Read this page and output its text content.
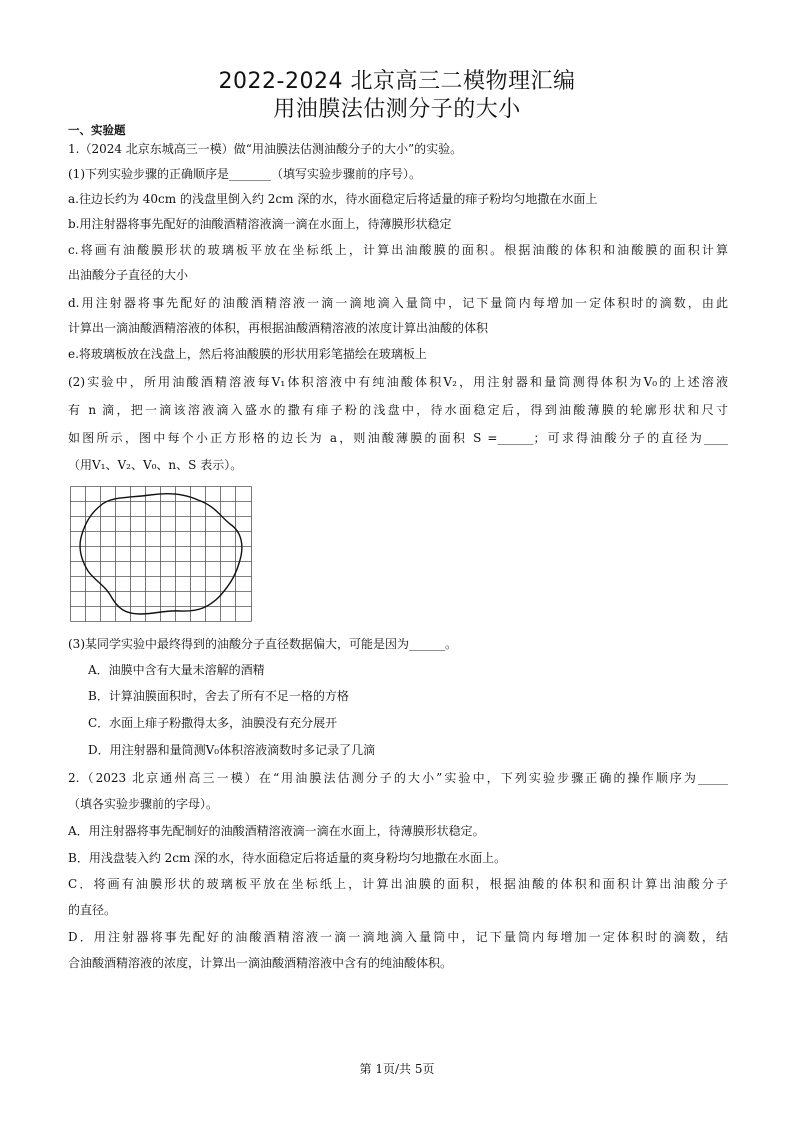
2022-2024 北京高三二模物理汇编
用油膜法估测分子的大小
一、实验题
1.（2024 北京东城高三一模）做“用油膜法估测油酸分子的大小”的实验。
(1)下列实验步骤的正确顺序是_______（填写实验步骤前的序号）。
a.往边长约为 40cm 的浅盘里倒入约 2cm 深的水，待水面稳定后将适量的痱子粉均匀地撒在水面上
b.用注射器将事先配好的油酸酒精溶液滴一滴在水面上，待薄膜形状稳定
c.将画有油酸膜形状的玻璃板平放在坐标纸上，计算出油酸膜的面积。根据油酸的体积和油酸膜的面积计算
出油酸分子直径的大小
d.用注射器将事先配好的油酸酒精溶液一滴一滴地滴入量筒中，记下量筒内每增加一定体积时的滴数，由此
计算出一滴油酸酒精溶液的体积，再根据油酸酒精溶液的浓度计算出油酸的体积
e.将玻璃板放在浅盘上，然后将油酸膜的形状用彩笔描绘在玻璃板上
(2)实验中，所用油酸酒精溶液每V₁体积溶液中有纯油酸体积V₂，用注射器和量筒测得体积为V₀的上述溶液
有 n 滴，把一滴该溶液滴入盛水的撒有痱子粉的浅盘中，待水面稳定后，得到油酸薄膜的轮廓形状和尺寸
如图所示，图中每个小正方形格的边长为 a，则油酸薄膜的面积 S =______；可求得油酸分子的直径为____
（用V₁、V₂、V₀、n、S 表示）。
(3)某同学实验中最终得到的油酸分子直径数据偏大，可能是因为______。
A．油膜中含有大量未溶解的酒精
B．计算油膜面积时，舍去了所有不足一格的方格
C．水面上痱子粉撒得太多，油膜没有充分展开
D．用注射器和量筒测V₀体积溶液滴数时多记录了几滴
2.（2023 北京通州高三一模）在“用油膜法估测分子的大小”实验中，下列实验步骤正确的操作顺序为_____
（填各实验步骤前的字母）。
A．用注射器将事先配制好的油酸酒精溶液滴一滴在水面上，待薄膜形状稳定。
B．用浅盘装入约 2cm 深的水，待水面稳定后将适量的爽身粉均匀地撒在水面上。
C．将画有油膜形状的玻璃板平放在坐标纸上，计算出油膜的面积，根据油酸的体积和面积计算出油酸分子
的直径。
D．用注射器将事先配好的油酸酒精溶液一滴一滴地滴入量筒中，记下量筒内每增加一定体积时的滴数，结
合油酸酒精溶液的浓度，计算出一滴油酸酒精溶液中含有的纯油酸体积。
第 1页/共 5页
